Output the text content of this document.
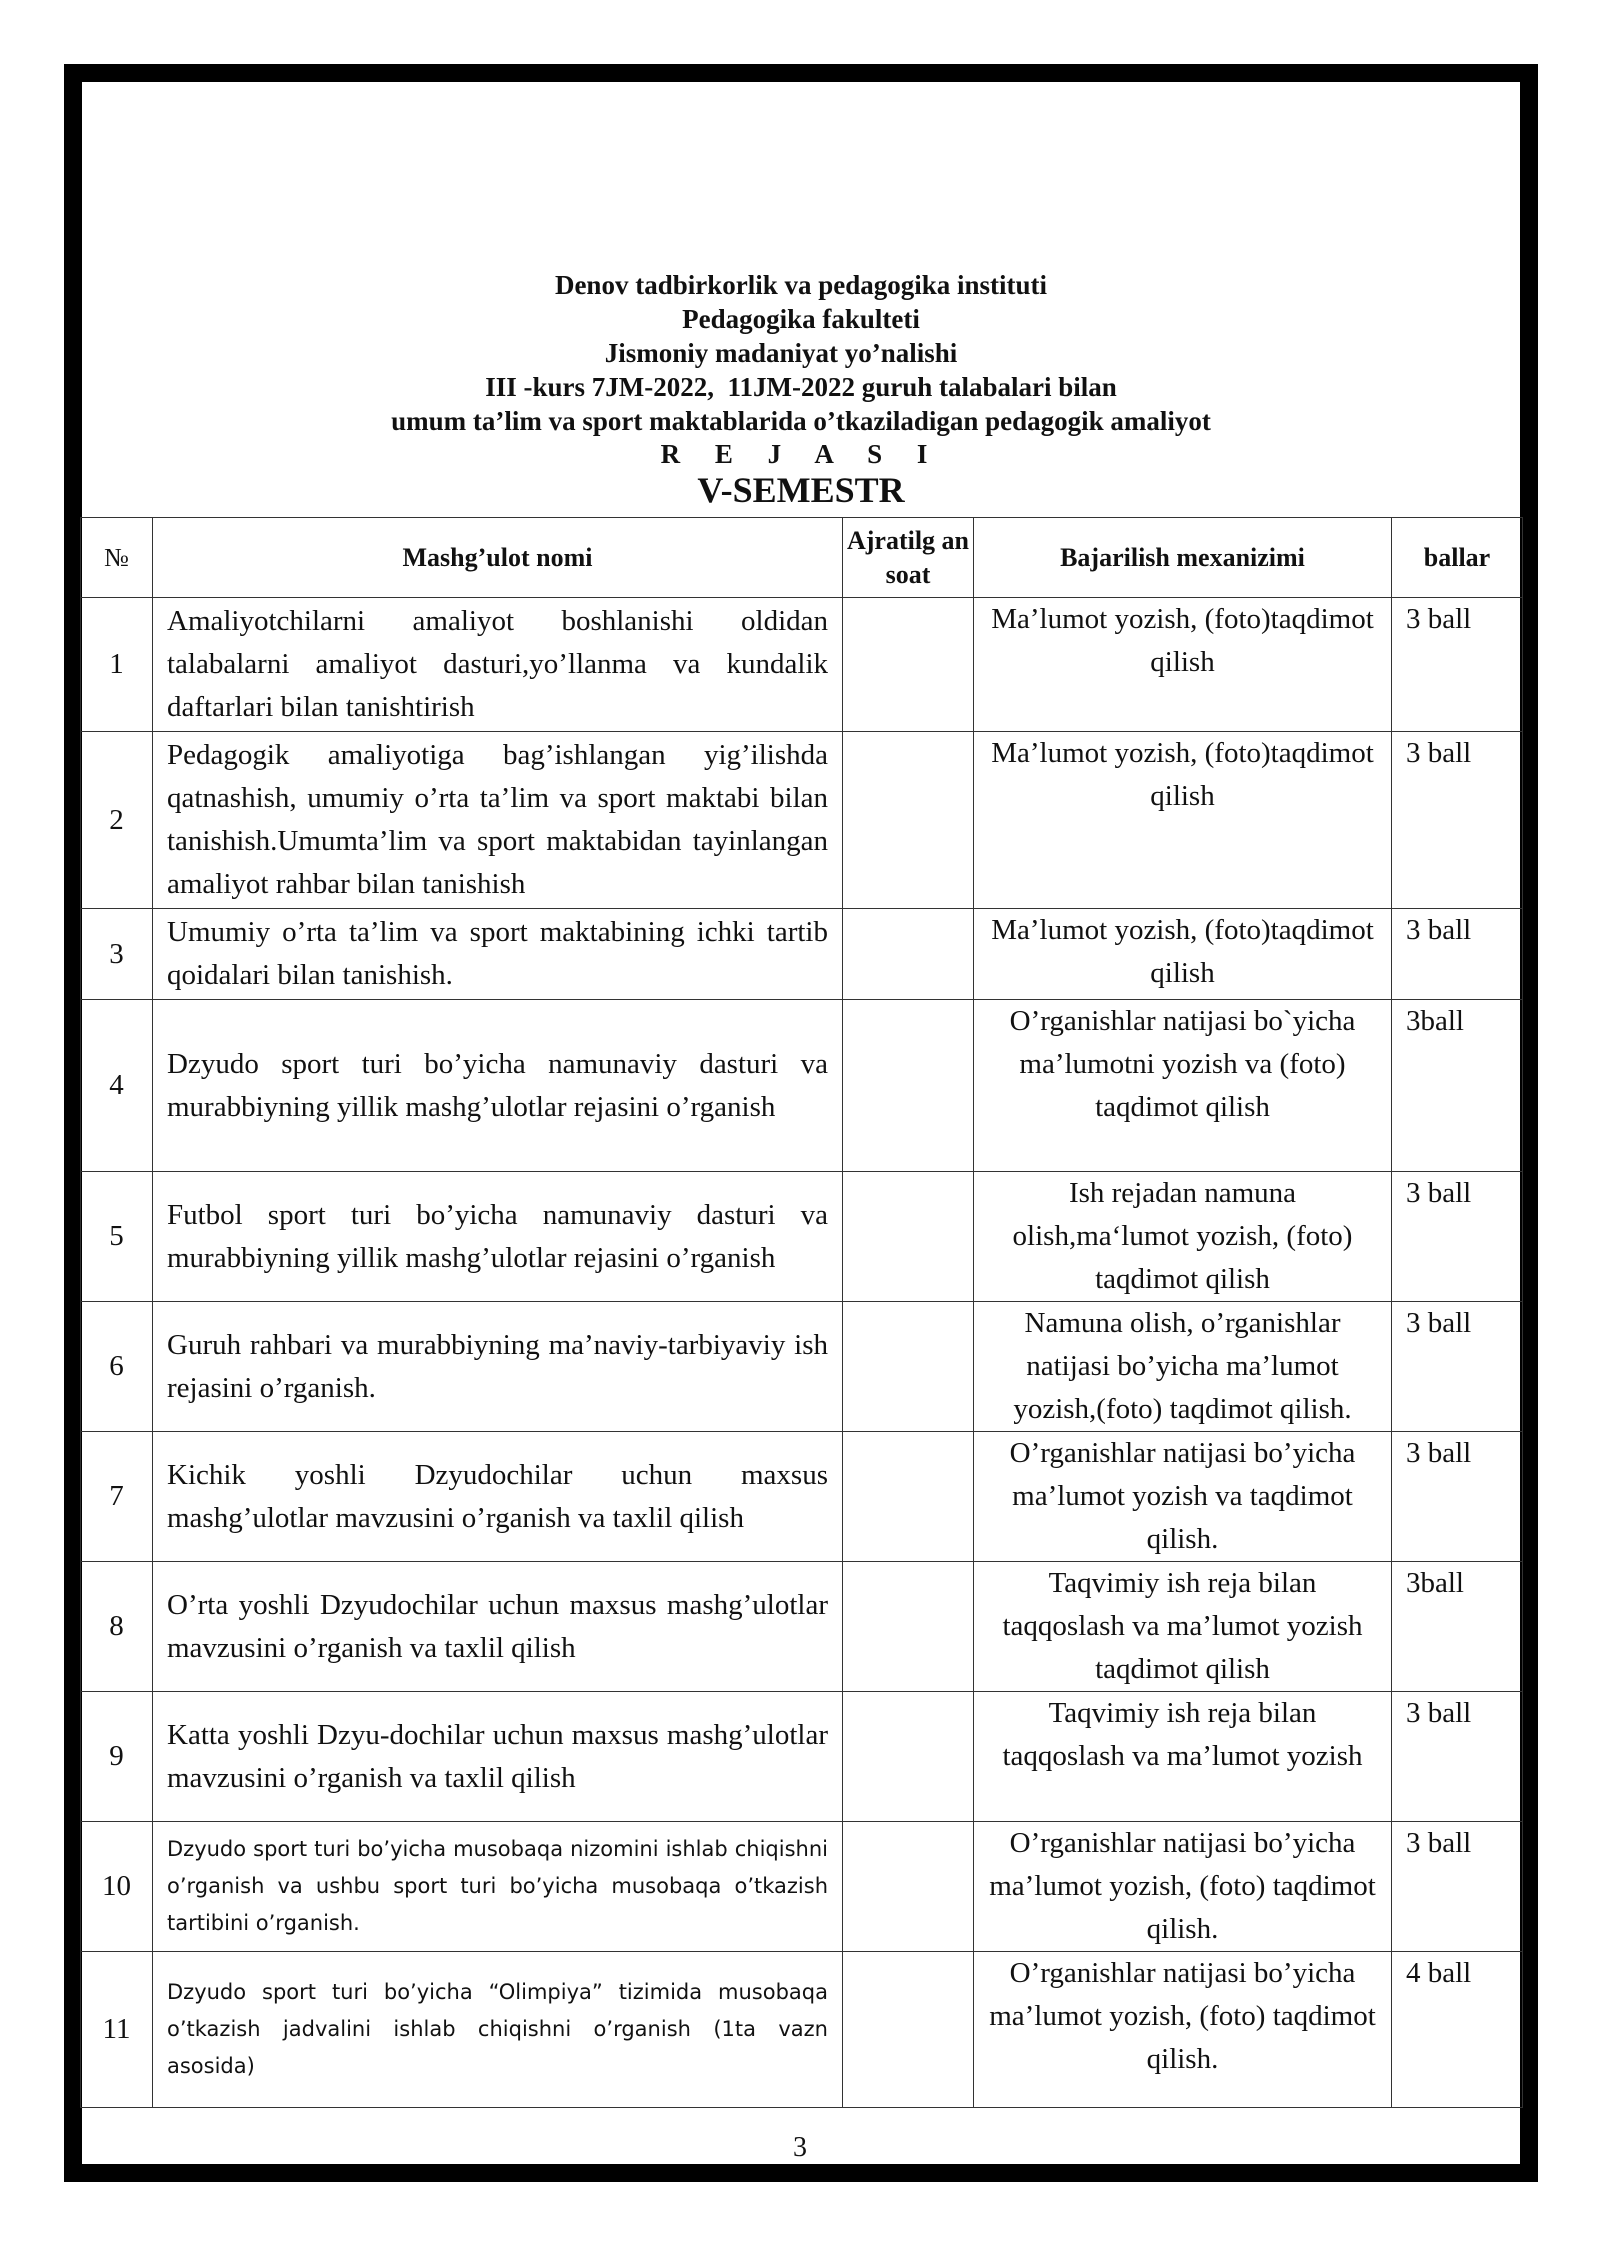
Denov tadbirkorlik va pedagogika instituti
Pedagogika fakulteti
Jismoniy madaniyat yo’nalishi
III -kurs 7JM-2022,  11JM-2022 guruh talabalari bilan
umum ta’lim va sport maktablarida o’tkaziladigan pedagogik amaliyot
R E J A S I
V-SEMESTR
№	Mashg’ulot nomi	Ajratilg an soat	Bajarilish mexanizimi	ballar
1	Amaliyotchilarni amaliyot boshlanishi oldidan talabalarni amaliyot dasturi,yo’llanma va kundalik daftarlari bilan tanishtirish		Ma’lumot yozish, (foto)taqdimot qilish	3 ball
2	Pedagogik amaliyotiga bag’ishlangan yig’ilishda qatnashish, umumiy o’rta ta’lim va sport maktabi bilan tanishish.Umumta’lim va sport maktabidan tayinlangan amaliyot rahbar bilan tanishish		Ma’lumot yozish, (foto)taqdimot qilish	3 ball
3	Umumiy o’rta ta’lim va sport maktabining ichki tartib qoidalari bilan tanishish.		Ma’lumot yozish, (foto)taqdimot qilish	3 ball
4	Dzyudo sport turi bo’yicha namunaviy dasturi va murabbiyning yillik mashg’ulotlar rejasini o’rganish		O’rganishlar natijasi bo`yicha ma’lumotni yozish va (foto) taqdimot qilish	3ball
5	Futbol sport turi bo’yicha namunaviy dasturi va murabbiyning yillik mashg’ulotlar rejasini o’rganish		Ish rejadan namuna olish,ma‘lumot yozish, (foto) taqdimot qilish	3 ball
6	Guruh rahbari va murabbiyning ma’naviy-tarbiyaviy ish rejasini o’rganish.		Namuna olish, o’rganishlar natijasi bo’yicha ma’lumot yozish,(foto) taqdimot qilish.	3 ball
7	Kichik yoshli Dzyudochilar uchun maxsus mashg’ulotlar mavzusini o’rganish va taxlil qilish		O’rganishlar natijasi bo’yicha ma’lumot yozish va taqdimot qilish.	3 ball
8	O’rta yoshli Dzyudochilar uchun maxsus mashg’ulotlar mavzusini o’rganish va taxlil qilish		Taqvimiy ish reja bilan taqqoslash va ma’lumot yozish taqdimot qilish	3ball
9	Katta yoshli Dzyu-dochilar uchun maxsus mashg’ulotlar mavzusini o’rganish va taxlil qilish		Taqvimiy ish reja bilan taqqoslash va ma’lumot yozish	3 ball
10	Dzyudo sport turi bo’yicha musobaqa nizomini ishlab chiqishni o’rganish va ushbu sport turi bo’yicha musobaqa o’tkazish tartibini o’rganish.		O’rganishlar natijasi bo’yicha ma’lumot yozish, (foto) taqdimot qilish.	3 ball
11	Dzyudo sport turi bo’yicha “Olimpiya” tizimida musobaqa o’tkazish jadvalini ishlab chiqishni o’rganish (1ta vazn asosida)		O’rganishlar natijasi bo’yicha ma’lumot yozish, (foto) taqdimot qilish.	4 ball
3
